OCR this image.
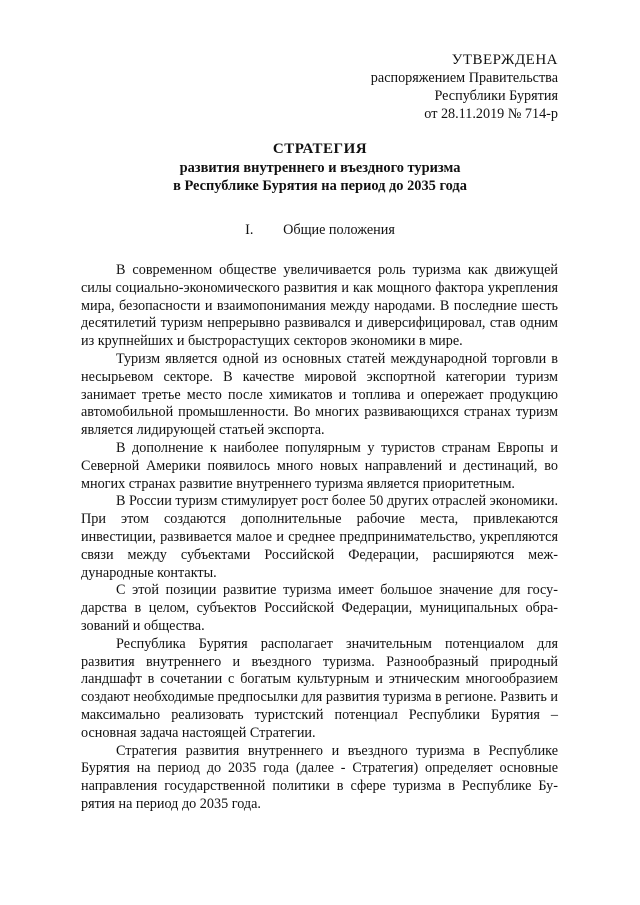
УТВЕРЖДЕНА
распоряжением Правительства
Республики Бурятия
от 28.11.2019 № 714-р
СТРАТЕГИЯ
развития внутреннего и въездного туризма
в Республике Бурятия на период до 2035 года
I. Общие положения

В современном обществе увеличивается роль туризма как движущей силы социально-экономического развития и как мощного фактора укрепления мира, безопасности и взаимопонимания между народами. В последние шесть десятилетий туризм непрерывно развивался и диверсифицировал, став одним из крупнейших и быстрорастущих секторов экономики в мире.

Туризм является одной из основных статей международной торговли в несырьевом секторе. В качестве мировой экспортной категории туризм занимает третье место после химикатов и топлива и опережает продукцию автомобильной промышленности. Во многих развивающихся странах туризм является лидирующей статьей экспорта.

В дополнение к наиболее популярным у туристов странам Европы и Северной Америки появилось много новых направлений и дестинаций, во многих странах развитие внутреннего туризма является приоритетным.

В России туризм стимулирует рост более 50 других отраслей экономики. При этом создаются дополнительные рабочие места, привлекаются инвестиции, развивается малое и среднее предпринимательство, укрепляются связи между субъектами Российской Федерации, расширяются международные контакты.

С этой позиции развитие туризма имеет большое значение для государства в целом, субъектов Российской Федерации, муниципальных образований и общества.

Республика Бурятия располагает значительным потенциалом для развития внутреннего и въездного туризма. Разнообразный природный ландшафт в сочетании с богатым культурным и этническим многообразием создают необходимые предпосылки для развития туризма в регионе. Развить и максимально реализовать туристский потенциал Республики Бурятия – основная задача настоящей Стратегии.

Стратегия развития внутреннего и въездного туризма в Республике Бурятия на период до 2035 года (далее - Стратегия) определяет основные направления государственной политики в сфере туризма в Республике Бурятия на период до 2035 года.
